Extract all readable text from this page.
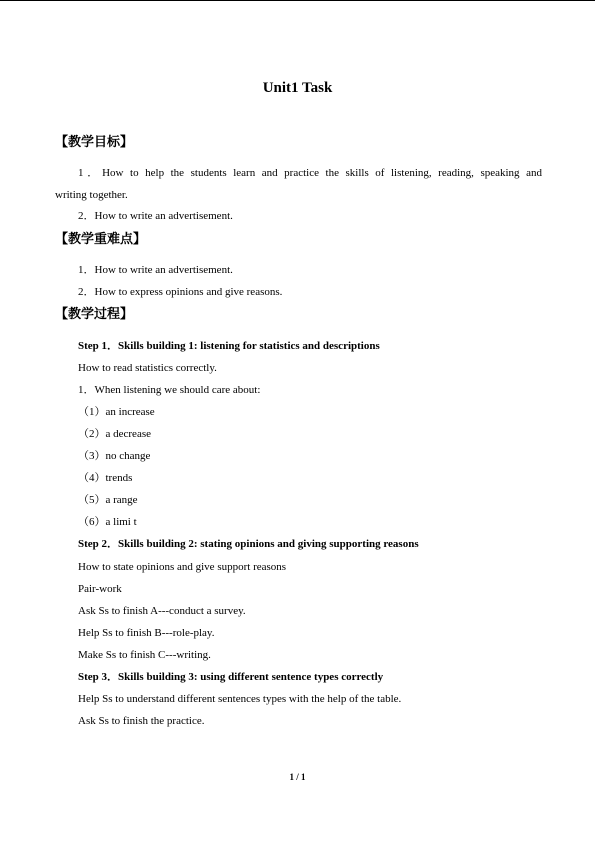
Unit1 Task
【教学目标】
1．How to help the students learn and practice the skills of listening, reading, speaking and
writing together.
2．How to write an advertisement.
【教学重难点】
1．How to write an advertisement.
2．How to express opinions and give reasons.
【教学过程】
Step 1．Skills building 1: listening for statistics and descriptions
How to read statistics correctly.
1．When listening we should care about:
（1）an increase
（2）a decrease
（3）no change
（4）trends
（5）a range
（6）a limi t
Step 2．Skills building 2: stating opinions and giving supporting reasons
How to state opinions and give support reasons
Pair-work
Ask Ss to finish A---conduct a survey.
Help Ss to finish B---role-play.
Make Ss to finish C---writing.
Step 3．Skills building 3: using different sentence types correctly
Help Ss to understand different sentences types with the help of the table.
Ask Ss to finish the practice.
1 / 1
